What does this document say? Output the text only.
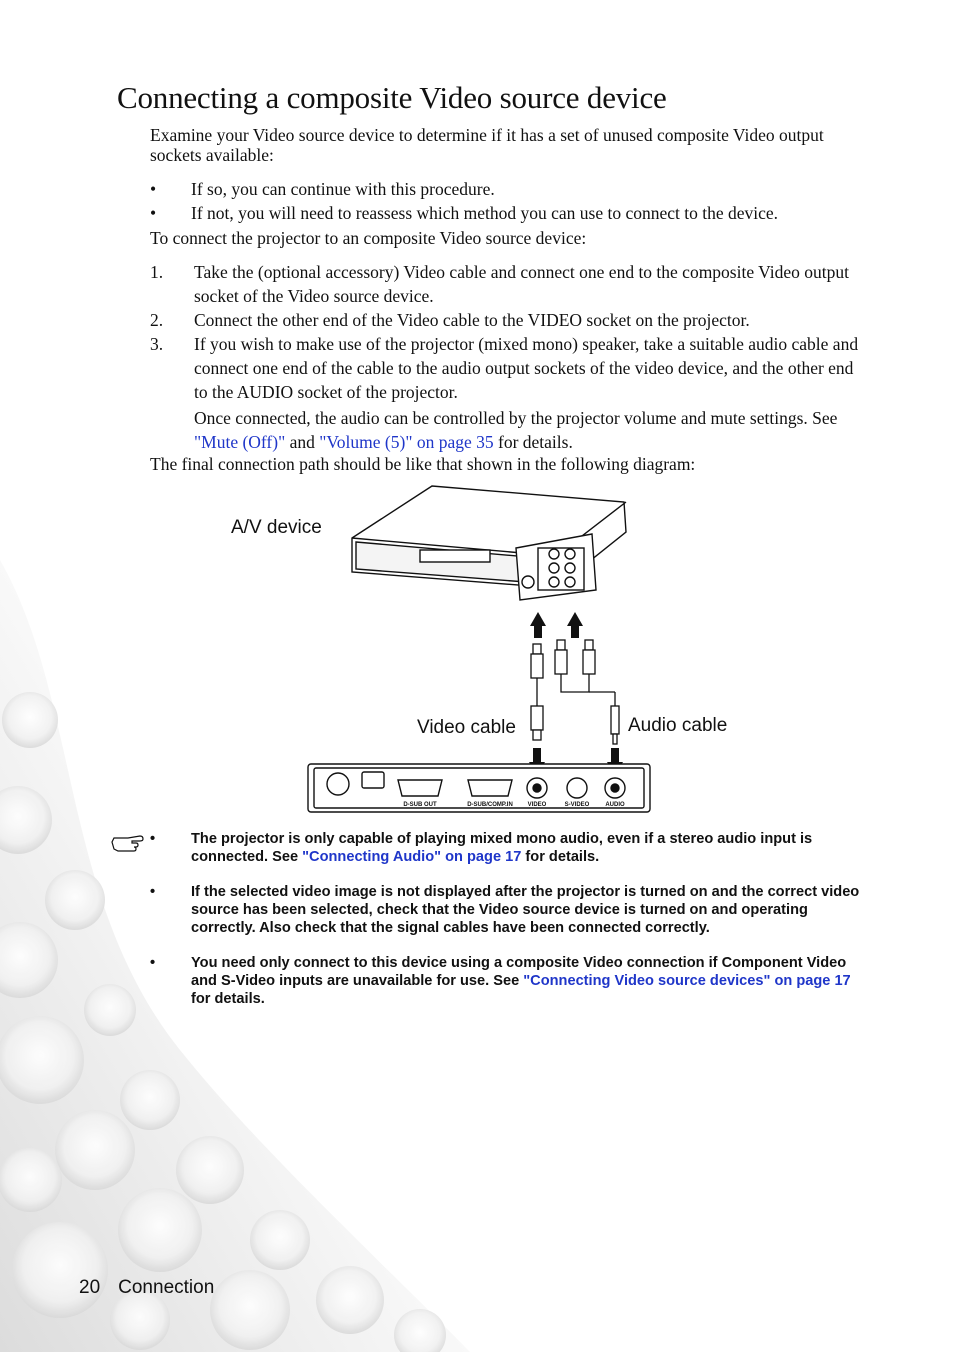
Connecting a composite Video source device

Examine your Video source device to determine if it has a set of unused composite Video output sockets available:

• If so, you can continue with this procedure.
• If not, you will need to reassess which method you can use to connect to the device.

To connect the projector to an composite Video source device:

1. Take the (optional accessory) Video cable and connect one end to the composite Video output socket of the Video source device.
2. Connect the other end of the Video cable to the VIDEO socket on the projector.
3. If you wish to make use of the projector (mixed mono) speaker, take a suitable audio cable and connect one end of the cable to the audio output sockets of the video device, and the other end to the AUDIO socket of the projector.
Once connected, the audio can be controlled by the projector volume and mute settings. See "Mute (Off)" and "Volume (5)" on page 35 for details.

The final connection path should be like that shown in the following diagram:

D-SUB OUT	D-SUB/COMP.IN VIDEO	S-VIDEO	AUDIO
A/V device
Video cable	Audio cable
• The projector is only capable of playing mixed mono audio, even if a stereo audio input is connected. See "Connecting Audio" on page 17 for details.
• If the selected video image is not displayed after the projector is turned on and the correct video source has been selected, check that the Video source device is turned on and operating correctly. Also check that the signal cables have been connected correctly.
• You need only connect to this device using a composite Video connection if Component Video and S-Video inputs are unavailable for use. See "Connecting Video source devices" on page 17 for details.
20 Connection
